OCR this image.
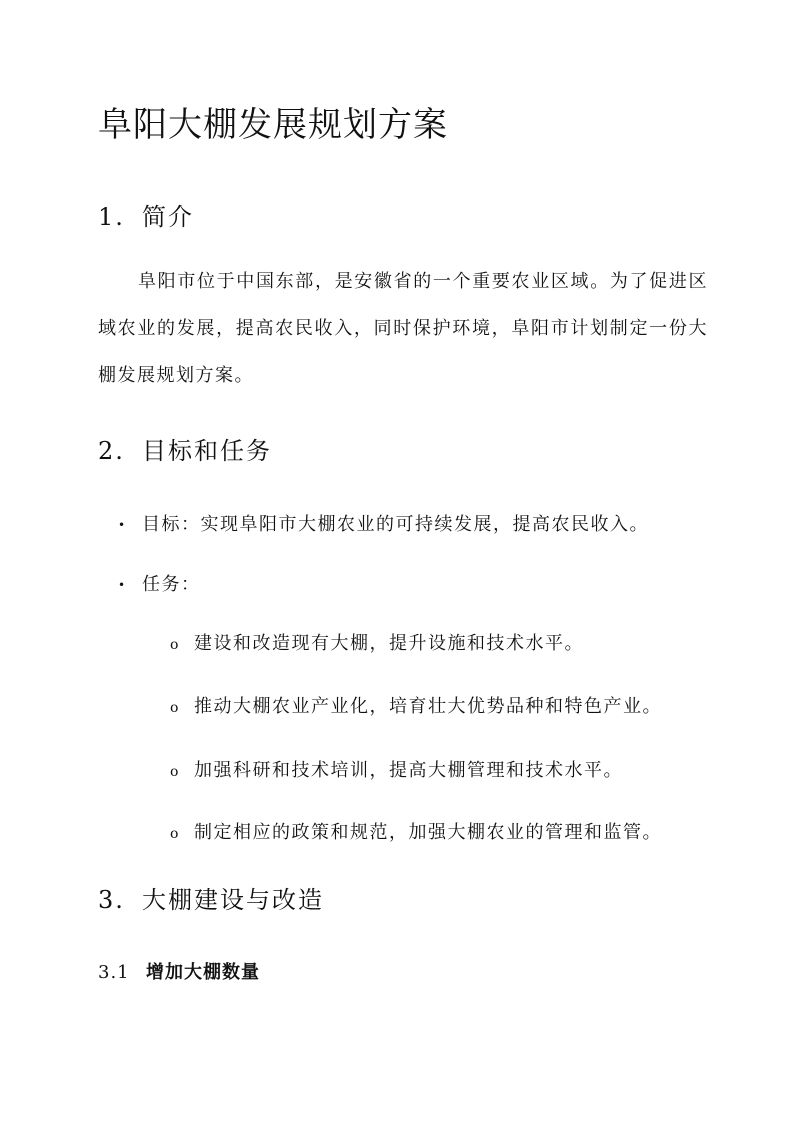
阜阳大棚发展规划方案
1. 简介

阜阳市位于中国东部，是安徽省的一个重要农业区域。为了促进区域农业的发展，提高农民收入，同时保护环境，阜阳市计划制定一份大棚发展规划方案。

2. 目标和任务
• 目标：实现阜阳市大棚农业的可持续发展，提高农民收入。
• 任务：
o 建设和改造现有大棚，提升设施和技术水平。
o 推动大棚农业产业化，培育壮大优势品种和特色产业。
o 加强科研和技术培训，提高大棚管理和技术水平。
o 制定相应的政策和规范，加强大棚农业的管理和监管。
3. 大棚建设与改造
3.1 增加大棚数量
